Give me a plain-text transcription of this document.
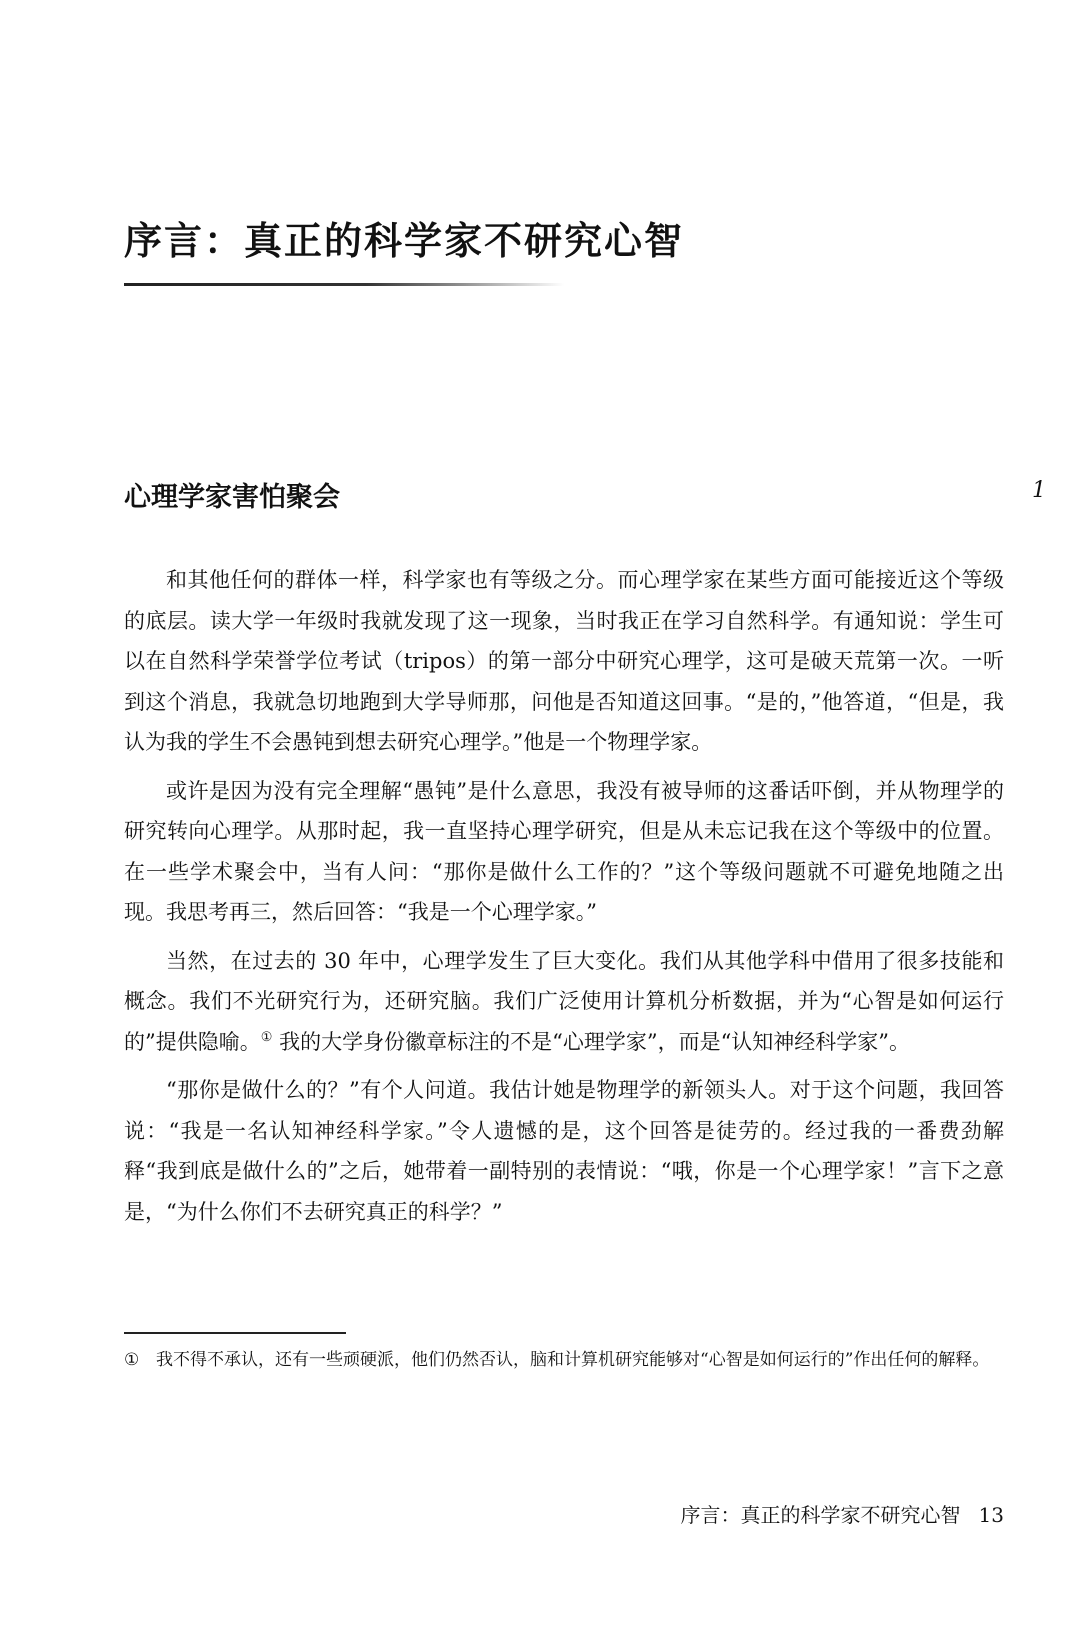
序言：真正的科学家不研究心智
心理学家害怕聚会	1

和其他任何的群体一样，科学家也有等级之分。而心理学家在某些方面可能接近这个等级的底层。读大学一年级时我就发现了这一现象，当时我正在学习自然科学。有通知说：学生可以在自然科学荣誉学位考试（tripos）的第一部分中研究心理学，这可是破天荒第一次。一听到这个消息，我就急切地跑到大学导师那，问他是否知道这回事。“是的，”他答道，“但是，我认为我的学生不会愚钝到想去研究心理学。”他是一个物理学家。

或许是因为没有完全理解“愚钝”是什么意思，我没有被导师的这番话吓倒，并从物理学的研究转向心理学。从那时起，我一直坚持心理学研究，但是从未忘记我在这个等级中的位置。在一些学术聚会中，当有人问：“那你是做什么工作的？”这个等级问题就不可避免地随之出现。我思考再三，然后回答：“我是一个心理学家。”

当然，在过去的 30 年中，心理学发生了巨大变化。我们从其他学科中借用了很多技能和概念。我们不光研究行为，还研究脑。我们广泛使用计算机分析数据，并为“心智是如何运行的”提供隐喻。① 我的大学身份徽章标注的不是“心理学家”，而是“认知神经科学家”。

“那你是做什么的？”有个人问道。我估计她是物理学的新领头人。对于这个问题，我回答说：“我是一名认知神经科学家。”令人遗憾的是，这个回答是徒劳的。经过我的一番费劲解释“我到底是做什么的”之后，她带着一副特别的表情说：“哦，你是一个心理学家！”言下之意是，“为什么你们不去研究真正的科学？”

① 我不得不承认，还有一些顽硬派，他们仍然否认，脑和计算机研究能够对“心智是如何运行的”作出任何的解释。
序言：真正的科学家不研究心智 13
